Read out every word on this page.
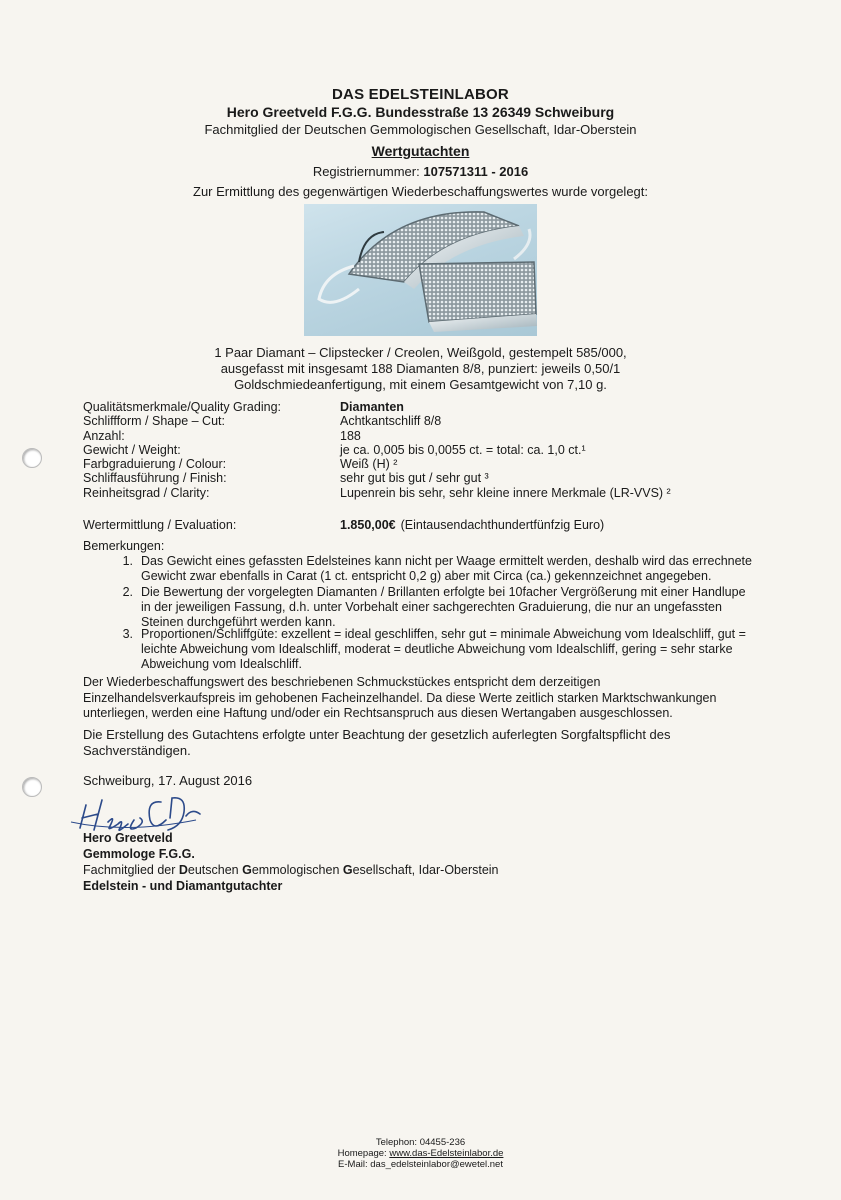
DAS EDELSTEINLABOR
Hero Greetveld F.G.G. Bundesstraße 13 26349 Schweiburg
Fachmitglied der Deutschen Gemmologischen Gesellschaft, Idar-Oberstein
Wertgutachten
Registriernummer: 107571311 - 2016
Zur Ermittlung des gegenwärtigen Wiederbeschaffungswertes wurde vorgelegt:
1 Paar Diamant – Clipstecker / Creolen, Weißgold, gestempelt 585/000,
ausgefasst mit insgesamt 188 Diamanten 8/8, punziert: jeweils 0,50/1
Goldschmiedeanfertigung, mit einem Gesamtgewicht von 7,10 g.
Qualitätsmerkmale/Quality Grading:	Diamanten
Schliffform / Shape – Cut:	Achtkantschliff 8/8
Anzahl:	188
Gewicht / Weight:	je ca. 0,005 bis 0,0055 ct. = total: ca. 1,0 ct.¹
Farbgraduierung / Colour:	Weiß (H) ²
Schliffausführung / Finish:	sehr gut bis gut / sehr gut ³
Reinheitsgrad / Clarity:	Lupenrein bis sehr, sehr kleine innere Merkmale (LR-VVS) ²
Wertermittlung / Evaluation:	1.850,00€ (Eintausendachthundertfünfzig Euro)
Bemerkungen:
1. Das Gewicht eines gefassten Edelsteines kann nicht per Waage ermittelt werden, deshalb wird das errechnete
Gewicht zwar ebenfalls in Carat (1 ct. entspricht 0,2 g) aber mit Circa (ca.) gekennzeichnet angegeben.
2. Die Bewertung der vorgelegten Diamanten / Brillanten erfolgte bei 10facher Vergrößerung mit einer Handlupe
in der jeweiligen Fassung, d.h. unter Vorbehalt einer sachgerechten Graduierung, die nur an ungefassten
Steinen durchgeführt werden kann.
3. Proportionen/Schliffgüte: exzellent = ideal geschliffen, sehr gut = minimale Abweichung vom Idealschliff, gut =
leichte Abweichung vom Idealschliff, moderat = deutliche Abweichung vom Idealschliff, gering = sehr starke
Abweichung vom Idealschliff.
Der Wiederbeschaffungswert des beschriebenen Schmuckstückes entspricht dem derzeitigen
Einzelhandelsverkaufspreis im gehobenen Facheinzelhandel. Da diese Werte zeitlich starken Marktschwankungen
unterliegen, werden eine Haftung und/oder ein Rechtsanspruch aus diesen Wertangaben ausgeschlossen.
Die Erstellung des Gutachtens erfolgte unter Beachtung der gesetzlich auferlegten Sorgfaltspflicht des
Sachverständigen.
Schweiburg, 17. August 2016
Hero Greetveld
Gemmologe F.G.G.
Fachmitglied der Deutschen Gemmologischen Gesellschaft, Idar-Oberstein
Edelstein - und Diamantgutachter
Telephon: 04455-236
Homepage: www.das-Edelsteinlabor.de
E-Mail: das_edelsteinlabor@ewetel.net
